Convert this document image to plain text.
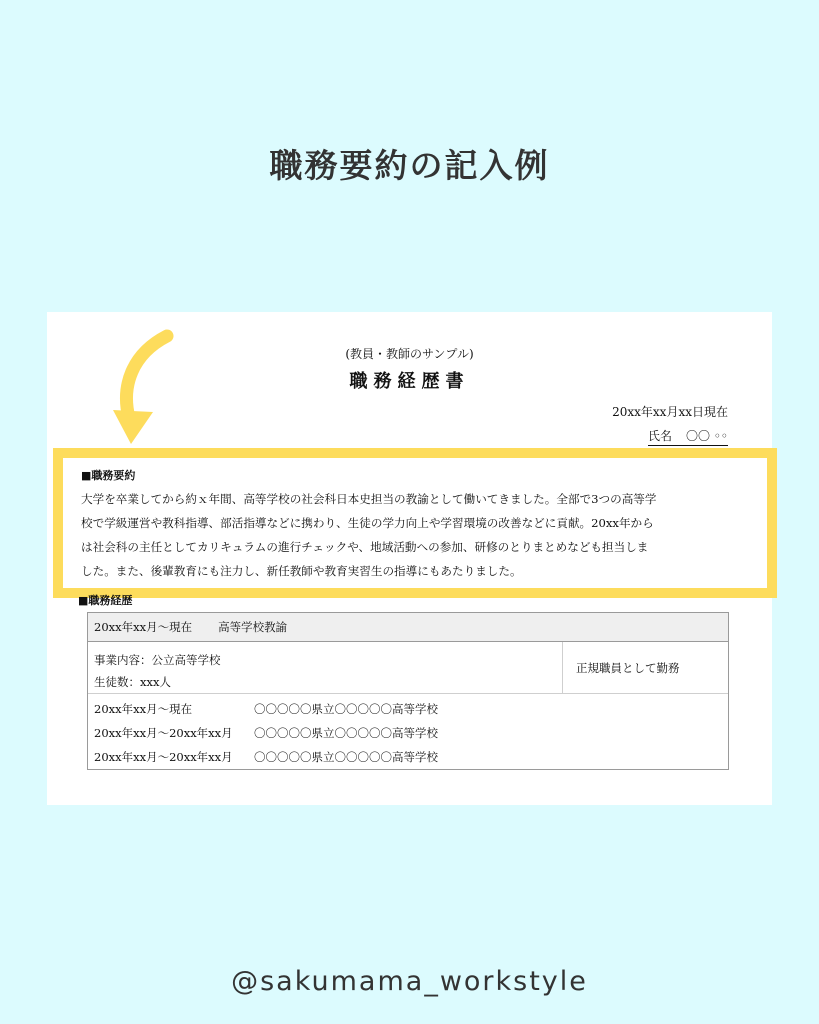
職務要約の記入例
(教員・教師のサンプル)
職務経歴書
20xx年xx月xx日現在
氏名 〇〇 ◦◦
■職務要約
大学を卒業してから約ｘ年間、高等学校の社会科日本史担当の教諭として働いてきました。全部で3つの高等学
校で学級運営や教科指導、部活指導などに携わり、生徒の学力向上や学習環境の改善などに貢献。20xx年から
は社会科の主任としてカリキュラムの進行チェックや、地域活動への参加、研修のとりまとめなども担当しま
した。また、後輩教育にも注力し、新任教師や教育実習生の指導にもあたりました。
■職務経歴
20xx年xx月～現在 高等学校教諭
事業内容：公立高等学校
生徒数：xxx人
正規職員として勤務
20xx年xx月～現在	〇〇〇〇〇県立〇〇〇〇〇高等学校
20xx年xx月～20xx年xx月	〇〇〇〇〇県立〇〇〇〇〇高等学校
20xx年xx月～20xx年xx月	〇〇〇〇〇県立〇〇〇〇〇高等学校
@sakumama_workstyle
